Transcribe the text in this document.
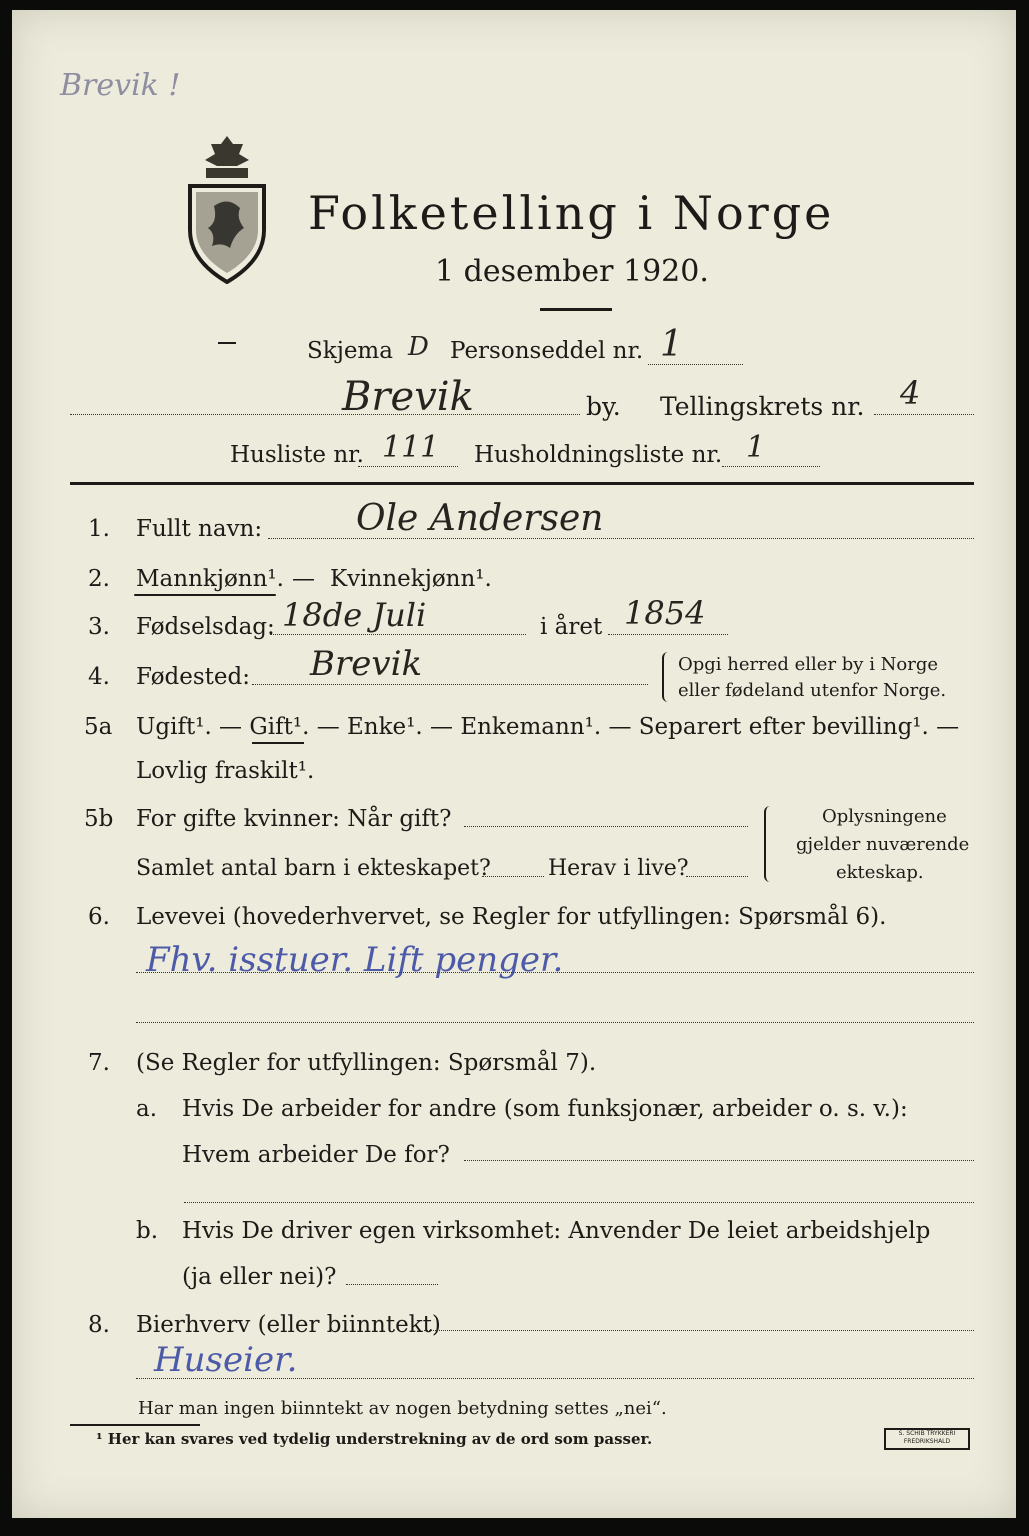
Brevik !
Folketelling i Norge
1 desember 1920.
Skjema D Personseddel nr. 1
Brevik	by. Tellingskrets nr. 4
Husliste nr. 111 Husholdningsliste nr. 1
1. Fullt navn:	Ole Andersen
2. Mannkjønn¹. — Kvinnekjønn¹.
3. Fødselsdag: 18de Juli	i året 1854
4. Fødested: Brevik	Opgi herred eller by i Norge
eller fødeland utenfor Norge.
5a Ugift¹. — Gift¹. — Enke¹. — Enkemann¹. — Separert efter bevilling¹. —
Lovlig fraskilt¹.
5b For gifte kvinner: Når gift?
Samlet antal barn i ekteskapet?	Herav i live?
Oplysningene
gjelder nuværende
ekteskap.
6. Levevei (hovederhvervet, se Regler for utfyllingen: Spørsmål 6).
Fhv. isstuer. Lift penger.
7. (Se Regler for utfyllingen: Spørsmål 7).
a. Hvis De arbeider for andre (som funksjonær, arbeider o. s. v.):
Hvem arbeider De for?
b. Hvis De driver egen virksomhet: Anvender De leiet arbeidshjelp
(ja eller nei)?
8. Bierhverv (eller biinntekt)
Huseier.
Har man ingen biinntekt av nogen betydning settes „nei“.
¹ Her kan svares ved tydelig understrekning av de ord som passer.	S. SCHIB TRYKKERI FREDRIKSHALD
